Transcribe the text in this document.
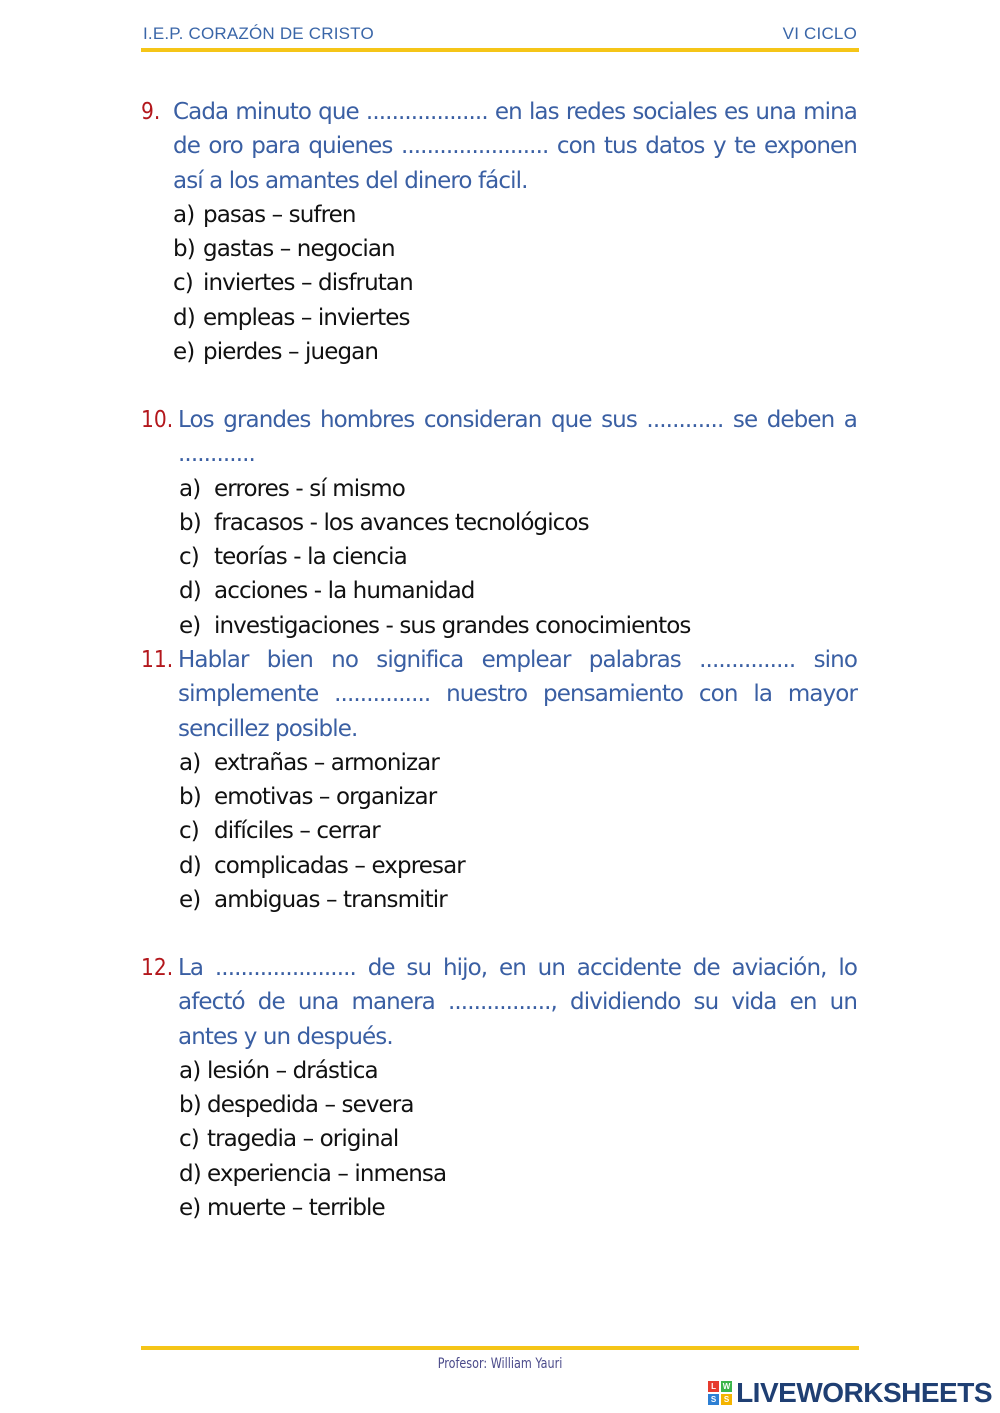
I.E.P. CORAZÓN DE CRISTO	VI CICLO
9. Cada minuto que ................... en las redes sociales es una mina de oro para quienes ....................... con tus datos y te exponen así a los amantes del dinero fácil.
a) pasas – sufren
b) gastas – negocian
c) inviertes – disfrutan
d) empleas – inviertes
e) pierdes – juegan
10. Los grandes hombres consideran que sus ............ se deben a ............
a) errores - sí mismo
b) fracasos - los avances tecnológicos
c) teorías - la ciencia
d) acciones - la humanidad
e) investigaciones - sus grandes conocimientos
11. Hablar bien no significa emplear palabras ............... sino simplemente ............... nuestro pensamiento con la mayor sencillez posible.
a) extrañas – armonizar
b) emotivas – organizar
c) difíciles – cerrar
d) complicadas – expresar
e) ambiguas – transmitir
12. La ...................... de su hijo, en un accidente de aviación, lo afectó de una manera ................, dividiendo su vida en un antes y un después.
a) lesión – drástica
b) despedida – severa
c) tragedia – original
d) experiencia – inmensa
e) muerte – terrible
Profesor: William Yauri
L W
S S LIVEWORKSHEETS
